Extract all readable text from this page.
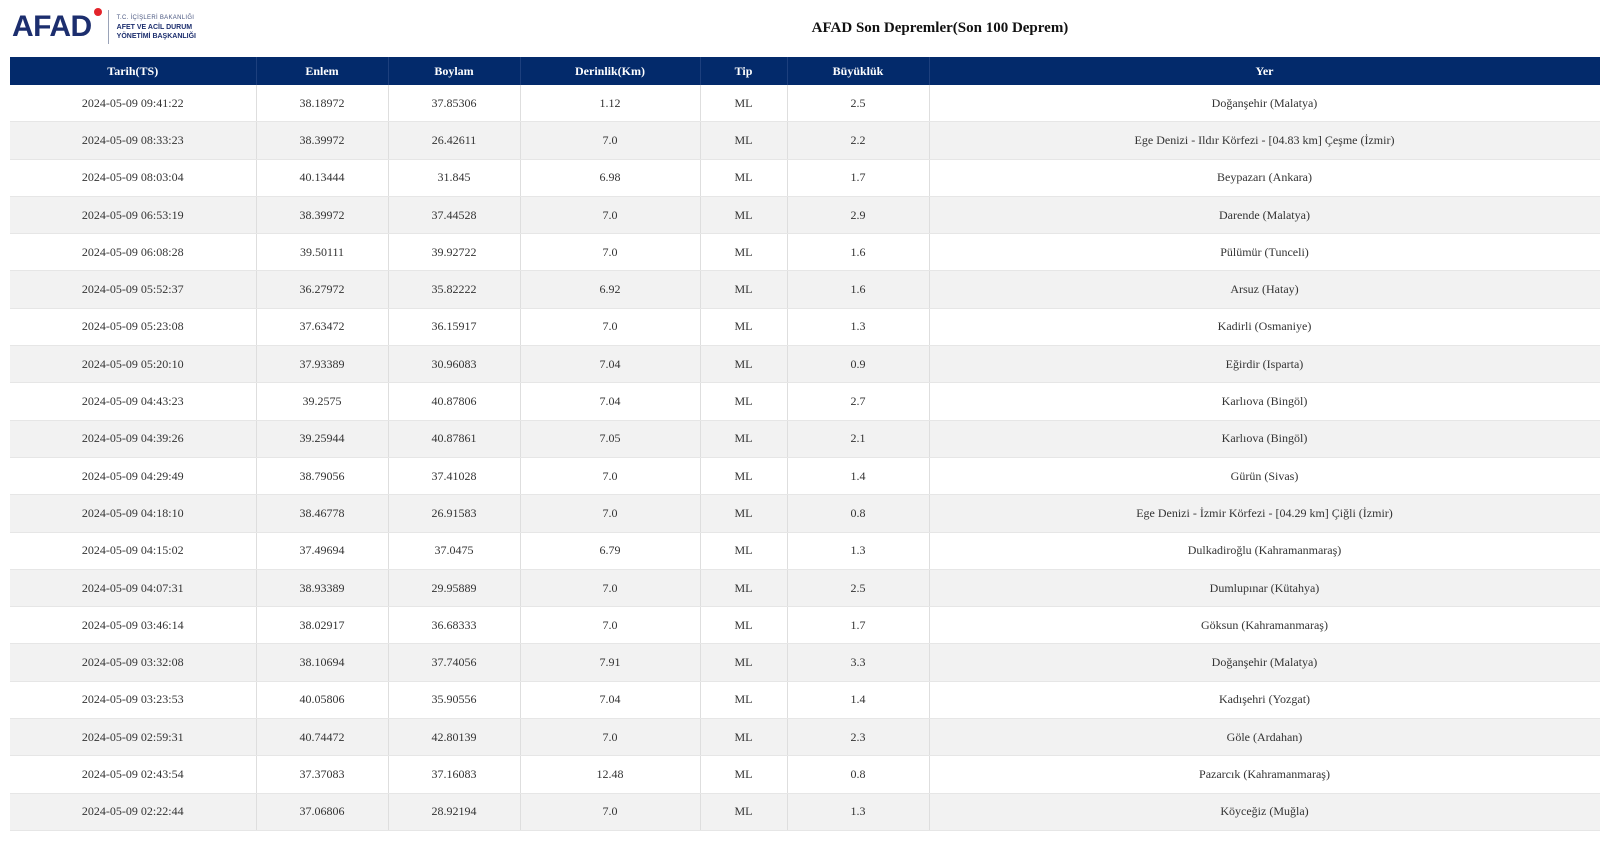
AFAD	T.C. İÇİŞLERİ BAKANLIĞI
AFET VE ACİL DURUM
YÖNETİMİ BAŞKANLIĞI	AFAD Son Depremler(Son 100 Deprem)
Tarih(TS)	Enlem	Boylam	Derinlik(Km)	Tip	Büyüklük	Yer
2024-05-09 09:41:22	38.18972	37.85306	1.12	ML	2.5	Doğanşehir (Malatya)
2024-05-09 08:33:23	38.39972	26.42611	7.0	ML	2.2	Ege Denizi - Ildır Körfezi - [04.83 km] Çeşme (İzmir)
2024-05-09 08:03:04	40.13444	31.845	6.98	ML	1.7	Beypazarı (Ankara)
2024-05-09 06:53:19	38.39972	37.44528	7.0	ML	2.9	Darende (Malatya)
2024-05-09 06:08:28	39.50111	39.92722	7.0	ML	1.6	Pülümür (Tunceli)
2024-05-09 05:52:37	36.27972	35.82222	6.92	ML	1.6	Arsuz (Hatay)
2024-05-09 05:23:08	37.63472	36.15917	7.0	ML	1.3	Kadirli (Osmaniye)
2024-05-09 05:20:10	37.93389	30.96083	7.04	ML	0.9	Eğirdir (Isparta)
2024-05-09 04:43:23	39.2575	40.87806	7.04	ML	2.7	Karlıova (Bingöl)
2024-05-09 04:39:26	39.25944	40.87861	7.05	ML	2.1	Karlıova (Bingöl)
2024-05-09 04:29:49	38.79056	37.41028	7.0	ML	1.4	Gürün (Sivas)
2024-05-09 04:18:10	38.46778	26.91583	7.0	ML	0.8	Ege Denizi - İzmir Körfezi - [04.29 km] Çiğli (İzmir)
2024-05-09 04:15:02	37.49694	37.0475	6.79	ML	1.3	Dulkadiroğlu (Kahramanmaraş)
2024-05-09 04:07:31	38.93389	29.95889	7.0	ML	2.5	Dumlupınar (Kütahya)
2024-05-09 03:46:14	38.02917	36.68333	7.0	ML	1.7	Göksun (Kahramanmaraş)
2024-05-09 03:32:08	38.10694	37.74056	7.91	ML	3.3	Doğanşehir (Malatya)
2024-05-09 03:23:53	40.05806	35.90556	7.04	ML	1.4	Kadışehri (Yozgat)
2024-05-09 02:59:31	40.74472	42.80139	7.0	ML	2.3	Göle (Ardahan)
2024-05-09 02:43:54	37.37083	37.16083	12.48	ML	0.8	Pazarcık (Kahramanmaraş)
2024-05-09 02:22:44	37.06806	28.92194	7.0	ML	1.3	Köyceğiz (Muğla)
